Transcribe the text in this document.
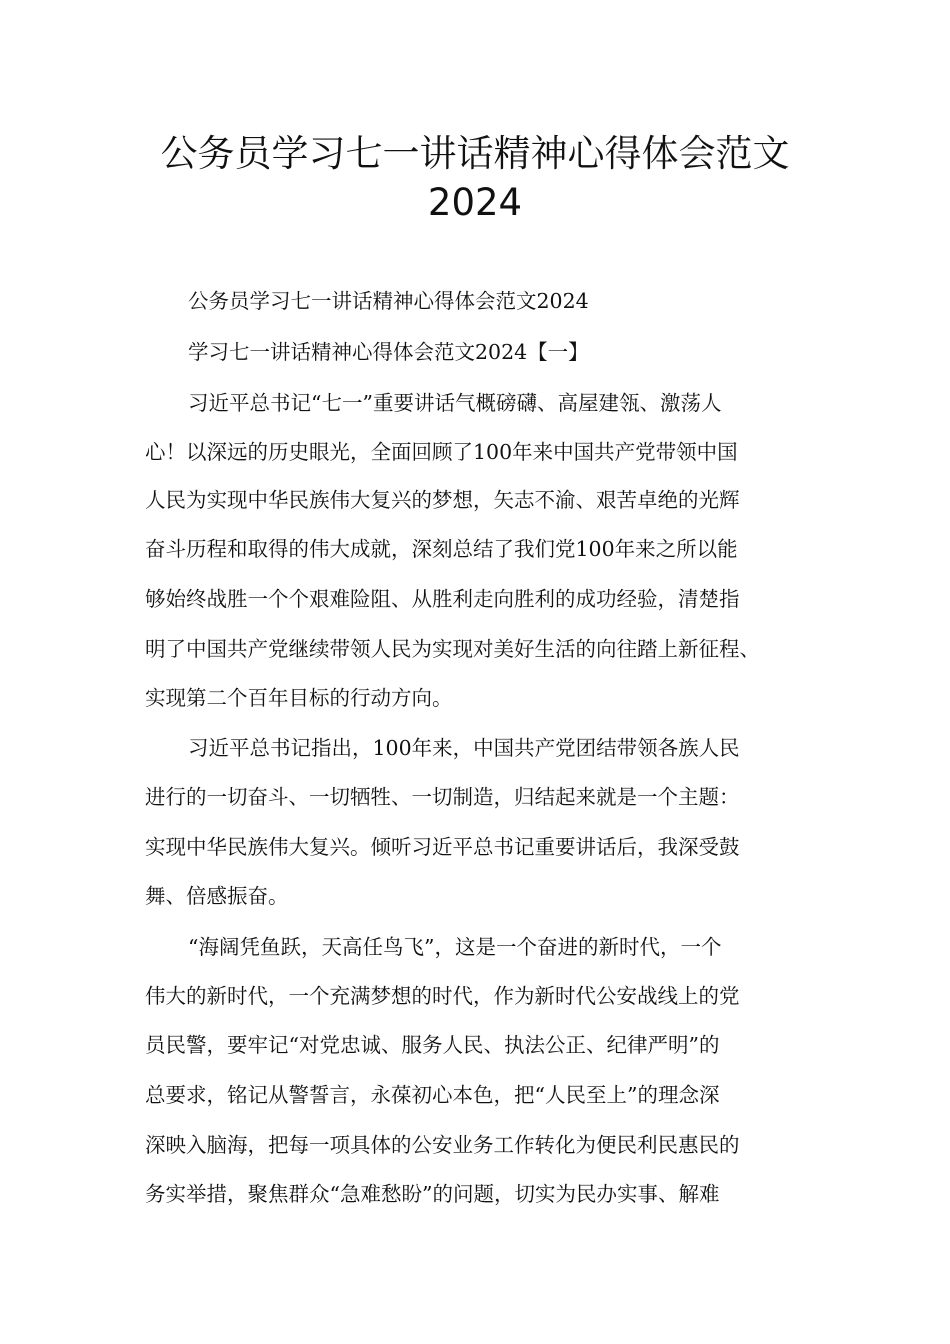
公务员学习七一讲话精神心得体会范文
2024
公务员学习七一讲话精神心得体会范文2024
学习七一讲话精神心得体会范文2024【一】
习近平总书记“七一”重要讲话气概磅礴、高屋建瓴、激荡人
心！以深远的历史眼光，全面回顾了100年来中国共产党带领中国
人民为实现中华民族伟大复兴的梦想，矢志不渝、艰苦卓绝的光辉
奋斗历程和取得的伟大成就，深刻总结了我们党100年来之所以能
够始终战胜一个个艰难险阻、从胜利走向胜利的成功经验，清楚指
明了中国共产党继续带领人民为实现对美好生活的向往踏上新征程、
实现第二个百年目标的行动方向。
习近平总书记指出，100年来，中国共产党团结带领各族人民
进行的一切奋斗、一切牺牲、一切制造，归结起来就是一个主题：
实现中华民族伟大复兴。倾听习近平总书记重要讲话后，我深受鼓
舞、倍感振奋。
“海阔凭鱼跃，天高任鸟飞”，这是一个奋进的新时代，一个
伟大的新时代，一个充满梦想的时代，作为新时代公安战线上的党
员民警，要牢记“对党忠诚、服务人民、执法公正、纪律严明”的
总要求，铭记从警誓言，永葆初心本色，把“人民至上”的理念深
深映入脑海，把每一项具体的公安业务工作转化为便民利民惠民的
务实举措，聚焦群众“急难愁盼”的问题，切实为民办实事、解难
